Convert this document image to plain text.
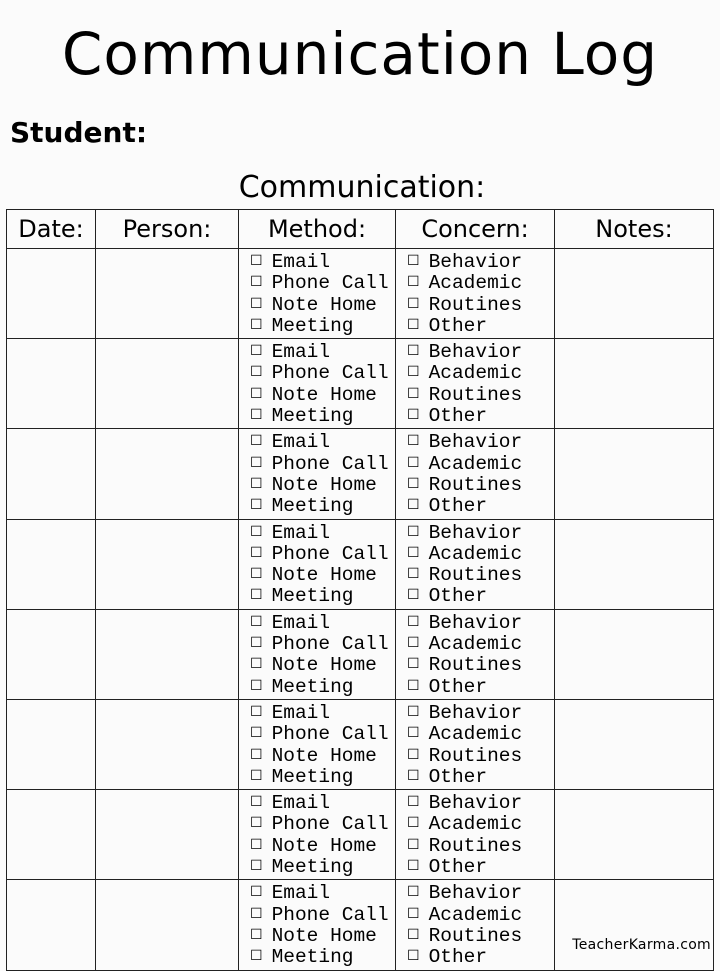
Communication Log
Student:
Communication:
Date:	Person:	Method:	Concern:	Notes:

		☐ Email
☐ Phone Call
☐ Note Home
☐ Meeting	☐ Behavior
☐ Academic
☐ Routines
☐ Other	

		☐ Email
☐ Phone Call
☐ Note Home
☐ Meeting	☐ Behavior
☐ Academic
☐ Routines
☐ Other	

		☐ Email
☐ Phone Call
☐ Note Home
☐ Meeting	☐ Behavior
☐ Academic
☐ Routines
☐ Other	

		☐ Email
☐ Phone Call
☐ Note Home
☐ Meeting	☐ Behavior
☐ Academic
☐ Routines
☐ Other	

		☐ Email
☐ Phone Call
☐ Note Home
☐ Meeting	☐ Behavior
☐ Academic
☐ Routines
☐ Other	

		☐ Email
☐ Phone Call
☐ Note Home
☐ Meeting	☐ Behavior
☐ Academic
☐ Routines
☐ Other	

		☐ Email
☐ Phone Call
☐ Note Home
☐ Meeting	☐ Behavior
☐ Academic
☐ Routines
☐ Other	

		☐ Email
☐ Phone Call
☐ Note Home
☐ Meeting	☐ Behavior
☐ Academic
☐ Routines
☐ Other	

TeacherKarma.com
